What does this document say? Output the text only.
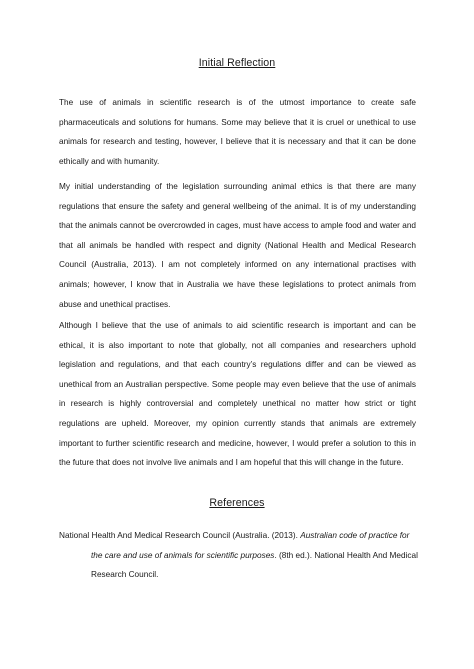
Initial Reflection

The use of animals in scientific research is of the utmost importance to create safe pharmaceuticals and solutions for humans. Some may believe that it is cruel or unethical to use animals for research and testing, however, I believe that it is necessary and that it can be done ethically and with humanity.

My initial understanding of the legislation surrounding animal ethics is that there are many regulations that ensure the safety and general wellbeing of the animal. It is of my understanding that the animals cannot be overcrowded in cages, must have access to ample food and water and that all animals be handled with respect and dignity (National Health and Medical Research Council (Australia, 2013). I am not completely informed on any international practises with animals; however, I know that in Australia we have these legislations to protect animals from abuse and unethical practises.

Although I believe that the use of animals to aid scientific research is important and can be ethical, it is also important to note that globally, not all companies and researchers uphold legislation and regulations, and that each country’s regulations differ and can be viewed as unethical from an Australian perspective. Some people may even believe that the use of animals in research is highly controversial and completely unethical no matter how strict or tight regulations are upheld. Moreover, my opinion currently stands that animals are extremely important to further scientific research and medicine, however, I would prefer a solution to this in the future that does not involve live animals and I am hopeful that this will change in the future.

References

National Health And Medical Research Council (Australia. (2013). Australian code of practice for the care and use of animals for scientific purposes. (8th ed.). National Health And Medical Research Council.
